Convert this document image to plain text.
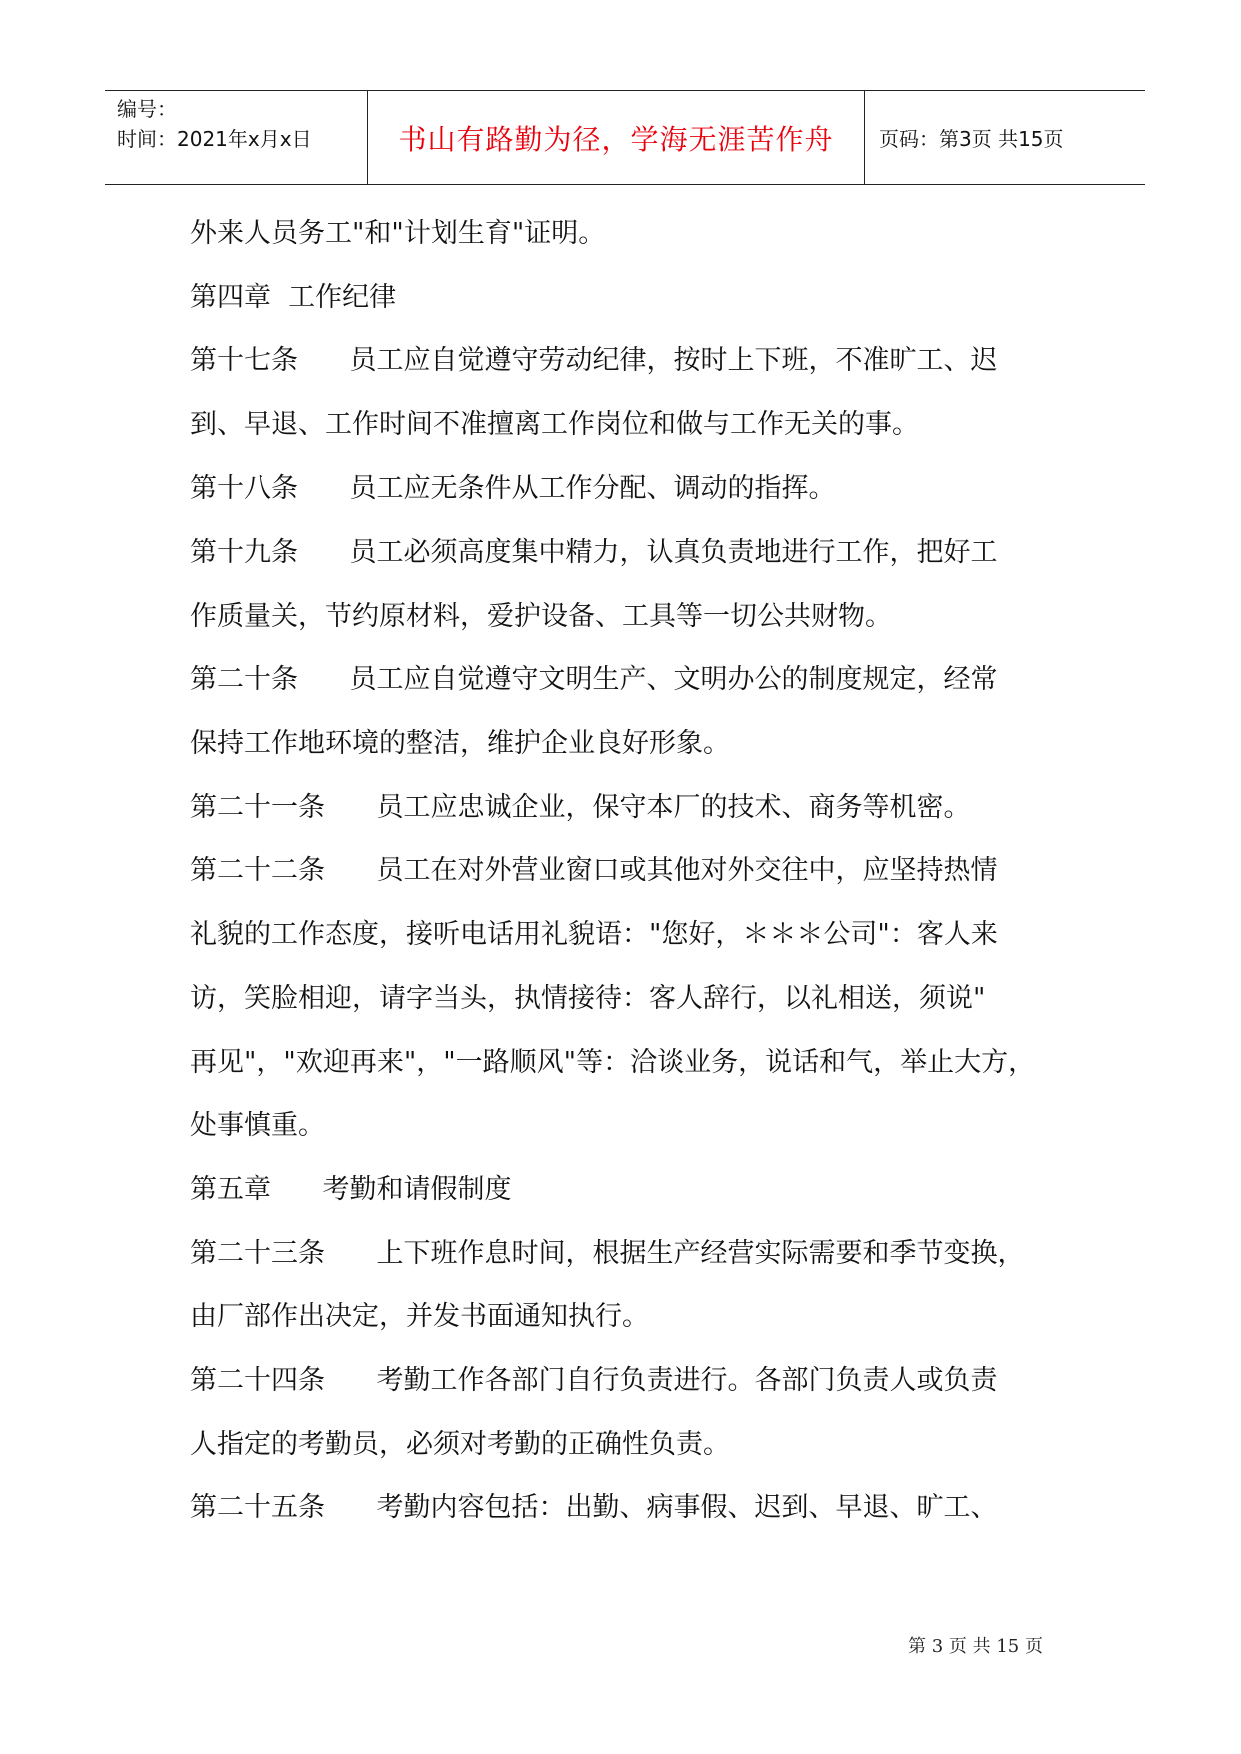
编号：
时间：2021年x月x日	书山有路勤为径，学海无涯苦作舟	页码：第3页 共15页
外来人员务工"和"计划生育"证明。
第四章  工作纪律
第十七条      员工应自觉遵守劳动纪律，按时上下班，不准旷工、迟
到、早退、工作时间不准擅离工作岗位和做与工作无关的事。
第十八条      员工应无条件从工作分配、调动的指挥。
第十九条      员工必须高度集中精力，认真负责地进行工作，把好工
作质量关，节约原材料，爱护设备、工具等一切公共财物。
第二十条      员工应自觉遵守文明生产、文明办公的制度规定，经常
保持工作地环境的整洁，维护企业良好形象。
第二十一条      员工应忠诚企业，保守本厂的技术、商务等机密。
第二十二条      员工在对外营业窗口或其他对外交往中，应坚持热情
礼貌的工作态度，接听电话用礼貌语："您好，＊＊＊公司"：客人来
访，笑脸相迎，请字当头，执情接待：客人辞行，以礼相送，须说"
再见"，"欢迎再来"，"一路顺风"等：洽谈业务，说话和气，举止大方，
处事慎重。
第五章      考勤和请假制度
第二十三条      上下班作息时间，根据生产经营实际需要和季节变换，
由厂部作出决定，并发书面通知执行。
第二十四条      考勤工作各部门自行负责进行。各部门负责人或负责
人指定的考勤员，必须对考勤的正确性负责。
第二十五条      考勤内容包括：出勤、病事假、迟到、早退、旷工、
第 3 页 共 15 页
